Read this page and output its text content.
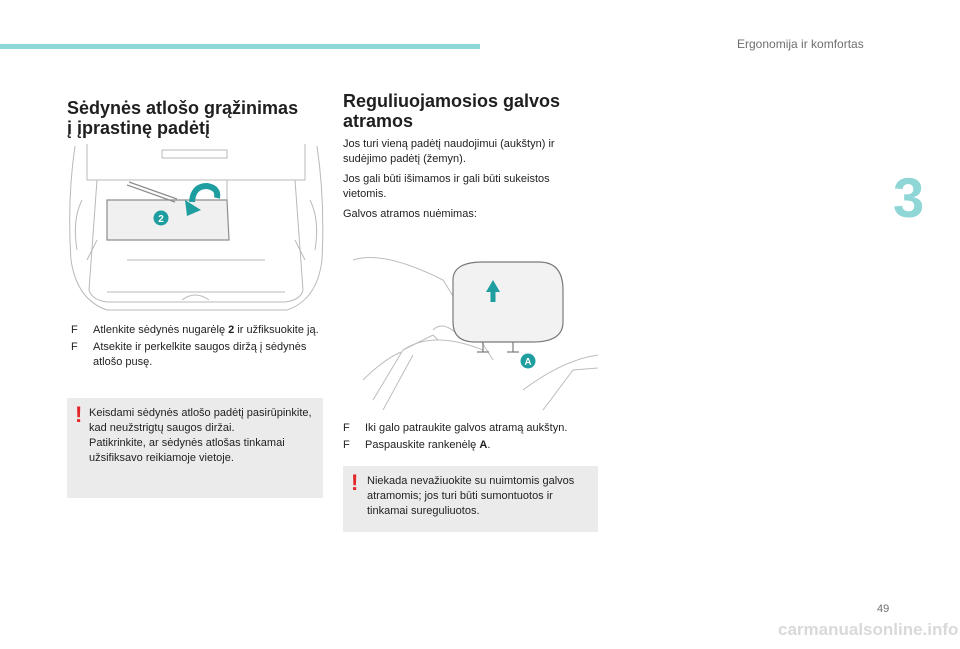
Ergonomija ir komfortas
3
Sėdynės atlošo grąžinimas
į įprastinę padėtį
2
F Atlenkite sėdynės nugarėlę 2 ir užfiksuokite ją.
F Atsekite ir perkelkite saugos diržą į sėdynės atlošo pusę.
! Keisdami sėdynės atlošo padėtį pasirūpinkite, kad neužstrigtų saugos diržai.
Patikrinkite, ar sėdynės atlošas tinkamai užsifiksavo reikiamoje vietoje.
Reguliuojamosios galvos
atramos

Jos turi vieną padėtį naudojimui (aukštyn) ir sudėjimo padėtį (žemyn).

Jos gali būti išimamos ir gali būti sukeistos vietomis.

Galvos atramos nuėmimas:

A
F Iki galo patraukite galvos atramą aukštyn.
F Paspauskite rankenėlę A.
! Niekada nevažiuokite su nuimtomis galvos atramomis; jos turi būti sumontuotos ir tinkamai sureguliuotos.
49
carmanualsonline.info
